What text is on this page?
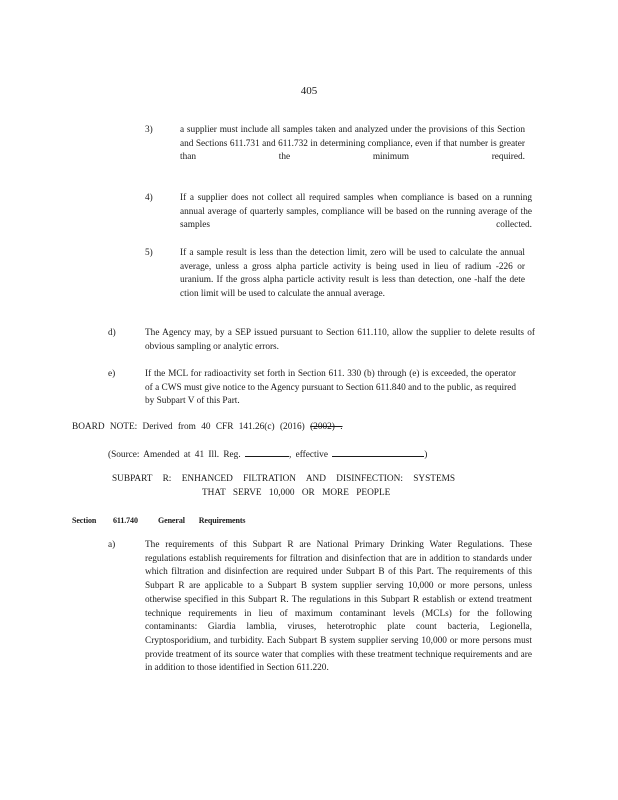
405
3)	a supplier must include all samples taken and analyzed under the provisions of this Section and Sections 611.731 and 611.732 in determining compliance, even if that number is greater than the minimum required.
4)	If a supplier does not collect all required samples when compliance is based on a running annual average of quarterly samples, compliance will be based on the running average of the samples collected.
5)	If a sample result is less than the detection limit, zero will be used to calculate the annual average, unless a gross alpha particle activity is being used in lieu of radium -226 or uranium. If the gross alpha particle activity result is less than detection, one -half the dete ction limit will be used to calculate the annual average.
d)	The Agency may, by a SEP issued pursuant to Section 611.110, allow the supplier to delete results of obvious sampling or analytic errors.
e)	If the MCL for radioactivity set forth in Section 611. 330 (b) through (e) is exceeded, the operator of a CWS must give notice to the Agency pursuant to Section 611.840 and to the public, as required by Subpart V of this Part.
BOARD NOTE: Derived from 40 CFR 141.26(c) (2016) (2002) .
(Source: Amended at 41 Ill. Reg.	, effective	)
SUBPART R: ENHANCED FILTRATION AND DISINFECTION: SYSTEMS
THAT SERVE 10,000 OR MORE PEOPLE
Section 611.740	General Requirements
a)	The requirements of this Subpart R are National Primary Drinking Water Regulations. These regulations establish requirements for filtration and disinfection that are in addition to standards under which filtration and disinfection are required under Subpart B of this Part. The requirements of this Subpart R are applicable to a Subpart B system supplier serving 10,000 or more persons, unless otherwise specified in this Subpart R. The regulations in this Subpart R establish or extend treatment technique requirements in lieu of maximum contaminant levels (MCLs) for the following contaminants: Giardia lamblia, viruses, heterotrophic plate count bacteria, Legionella, Cryptosporidium, and turbidity. Each Subpart B system supplier serving 10,000 or more persons must provide treatment of its source water that complies with these treatment technique requirements and are in addition to those identified in Section 611.220.
